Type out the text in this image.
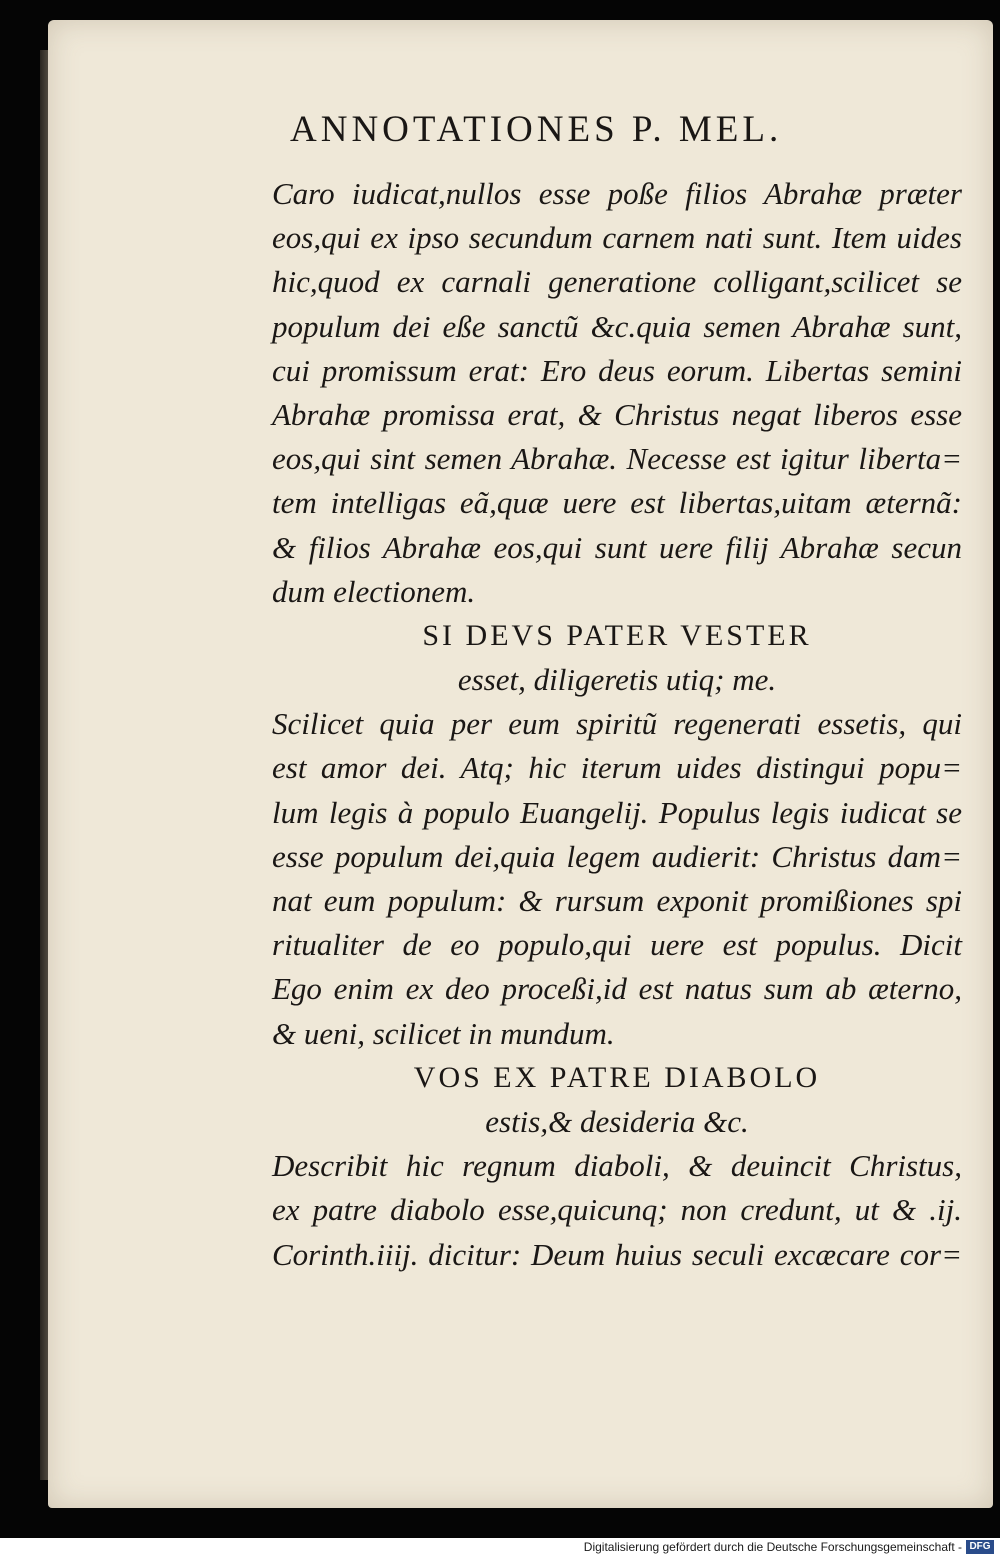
ANNOTATIONES P. MEL.
Caro iudicat,nullos esse poße filios Abrahæ præter
eos,qui ex ipso secundum carnem nati sunt. Item uides
hic,quod ex carnali generatione colligant,scilicet se
populum dei eße sanctũ &c.quia semen Abrahæ sunt,
cui promissum erat: Ero deus eorum. Libertas semini
Abrahæ promissa erat, & Christus negat liberos esse
eos,qui sint semen Abrahæ. Necesse est igitur liberta=
tem intelligas eã,quæ uere est libertas,uitam æternã:
& filios Abrahæ eos,qui sunt uere filij Abrahæ secun
dum electionem.
SI DEVS PATER VESTER
esset, diligeretis utiq; me.
Scilicet quia per eum spiritũ regenerati essetis, qui
est amor dei. Atq; hic iterum uides distingui popu=
lum legis à populo Euangelij. Populus legis iudicat se
esse populum dei,quia legem audierit: Christus dam=
nat eum populum: & rursum exponit promißiones spi
ritualiter de eo populo,qui uere est populus. Dicit
Ego enim ex deo proceßi,id est natus sum ab æterno,
& ueni, scilicet in mundum.
VOS EX PATRE DIABOLO
estis,& desideria &c.
Describit hic regnum diaboli, & deuincit Christus,
ex patre diabolo esse,quicunq; non credunt, ut & .ij.
Corinth.iiij. dicitur: Deum huius seculi excæcare cor=
Digitalisierung gefördert durch die Deutsche Forschungsgemeinschaft - DFG
